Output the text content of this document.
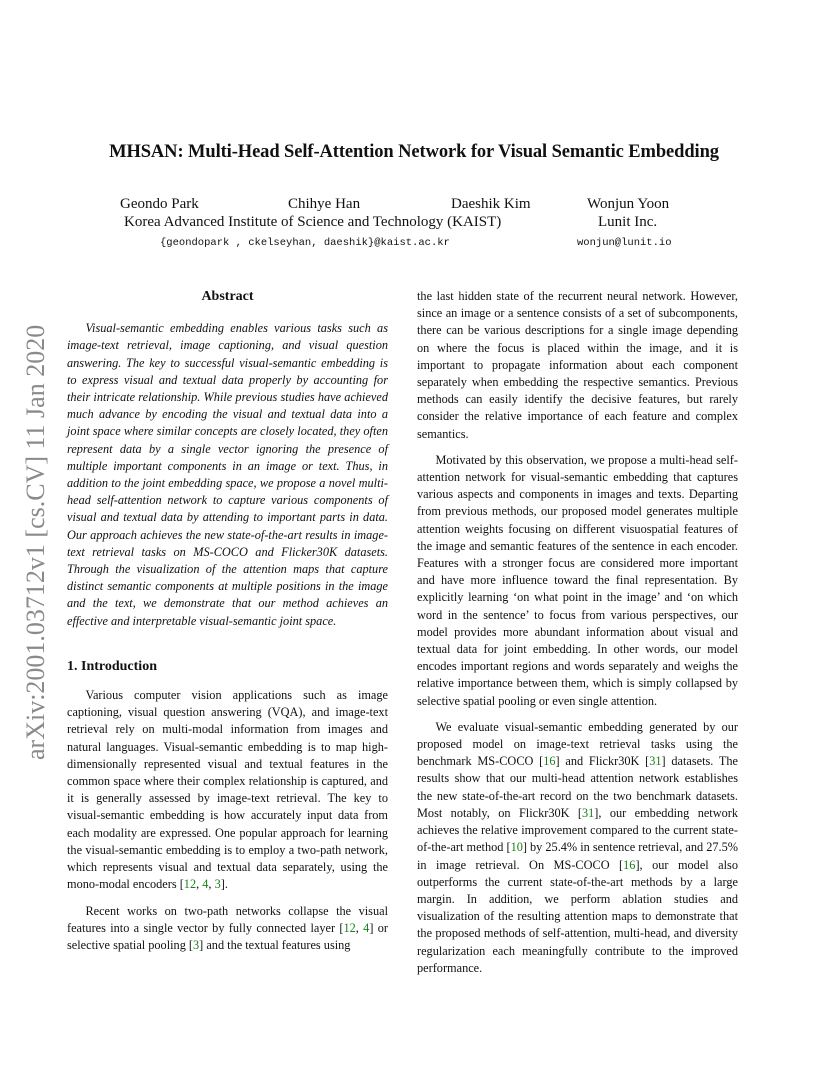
MHSAN: Multi-Head Self-Attention Network for Visual Semantic Embedding
Geondo Park	Chihye Han	Daeshik Kim	Wonjun Yoon
Korea Advanced Institute of Science and Technology (KAIST)	Lunit Inc.
{geondopark , ckelseyhan, daeshik}@kaist.ac.kr	wonjun@lunit.io
arXiv:2001.03712v1 [cs.CV] 11 Jan 2020
Abstract

Visual-semantic embedding enables various tasks such as image-text retrieval, image captioning, and visual question answering. The key to successful visual-semantic embedding is to express visual and textual data properly by accounting for their intricate relationship. While previous studies have achieved much advance by encoding the visual and textual data into a joint space where similar concepts are closely located, they often represent data by a single vector ignoring the presence of multiple important components in an image or text. Thus, in addition to the joint embedding space, we propose a novel multi-head self-attention network to capture various components of visual and textual data by attending to important parts in data. Our approach achieves the new state-of-the-art results in image-text retrieval tasks on MS-COCO and Flicker30K datasets. Through the visualization of the attention maps that capture distinct semantic components at multiple positions in the image and the text, we demonstrate that our method achieves an effective and interpretable visual-semantic joint space.

1. Introduction

Various computer vision applications such as image captioning, visual question answering (VQA), and image-text retrieval rely on multi-modal information from images and natural languages. Visual-semantic embedding is to map high-dimensionally represented visual and textual features in the common space where their complex relationship is captured, and it is generally assessed by image-text retrieval. The key to visual-semantic embedding is how accurately input data from each modality are expressed. One popular approach for learning the visual-semantic embedding is to employ a two-path network, which represents visual and textual data separately, using the mono-modal encoders [12, 4, 3].

Recent works on two-path networks collapse the visual features into a single vector by fully connected layer [12, 4] or selective spatial pooling [3] and the textual features using

the last hidden state of the recurrent neural network. However, since an image or a sentence consists of a set of subcomponents, there can be various descriptions for a single image depending on where the focus is placed within the image, and it is important to propagate information about each component separately when embedding the respective semantics. Previous methods can easily identify the decisive features, but rarely consider the relative importance of each feature and complex semantics.

Motivated by this observation, we propose a multi-head self-attention network for visual-semantic embedding that captures various aspects and components in images and texts. Departing from previous methods, our proposed model generates multiple attention weights focusing on different visuospatial features of the image and semantic features of the sentence in each encoder. Features with a stronger focus are considered more important and have more influence toward the final representation. By explicitly learning ‘on what point in the image’ and ‘on which word in the sentence’ to focus from various perspectives, our model provides more abundant information about visual and textual data for joint embedding. In other words, our model encodes important regions and words separately and weighs the relative importance between them, which is simply collapsed by selective spatial pooling or even single attention.

We evaluate visual-semantic embedding generated by our proposed model on image-text retrieval tasks using the benchmark MS-COCO [16] and Flickr30K [31] datasets. The results show that our multi-head attention network establishes the new state-of-the-art record on the two benchmark datasets. Most notably, on Flickr30K [31], our embedding network achieves the relative improvement compared to the current state-of-the-art method [10] by 25.4% in sentence retrieval, and 27.5% in image retrieval. On MS-COCO [16], our model also outperforms the current state-of-the-art methods by a large margin. In addition, we perform ablation studies and visualization of the resulting attention maps to demonstrate that the proposed methods of self-attention, multi-head, and diversity regularization each meaningfully contribute to the improved performance.
